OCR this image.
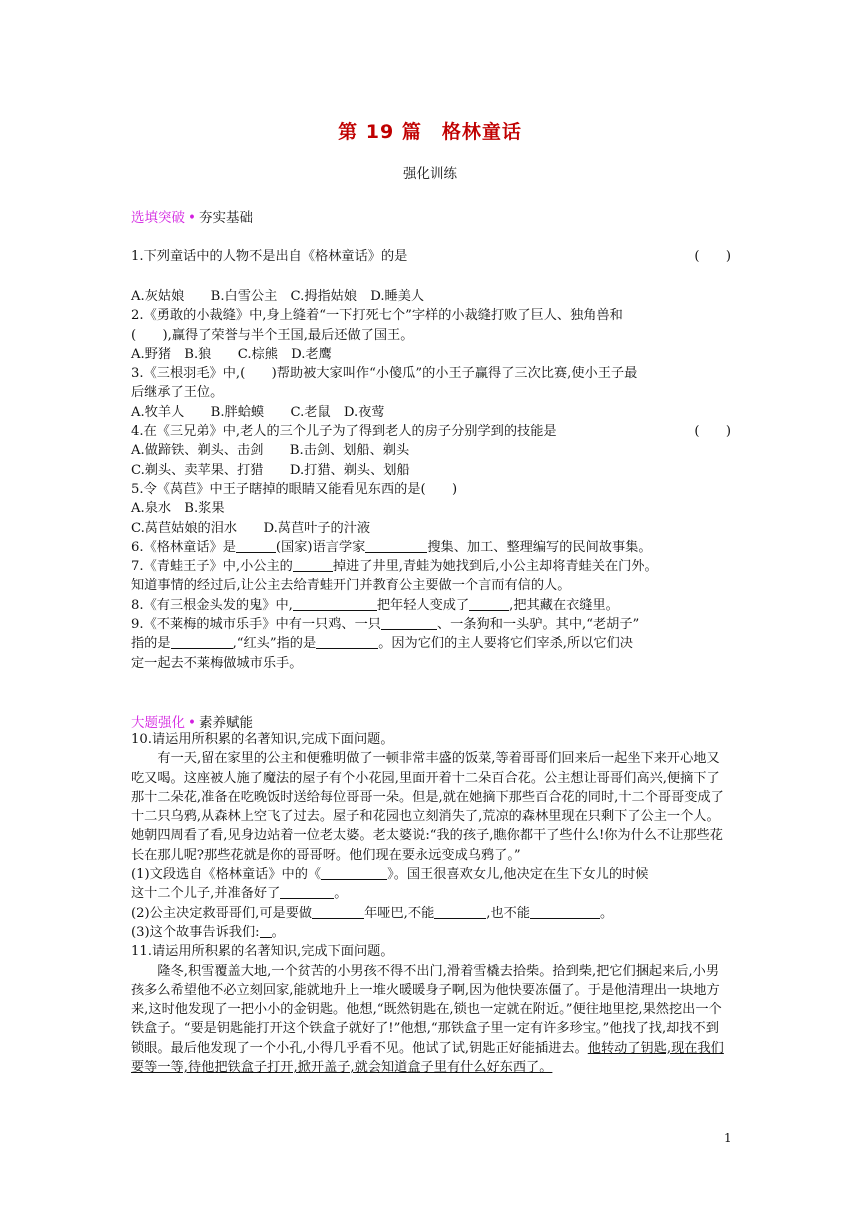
第 19 篇　格林童话
强化训练
选填突破 • 夯实基础

1.下列童话中的人物不是出自《格林童话》的是	(　　)

A.灰姑娘　　B.白雪公主　C.拇指姑娘　D.睡美人

2.《勇敢的小裁缝》中,身上缝着“一下打死七个”字样的小裁缝打败了巨人、独角兽和

(　　),赢得了荣誉与半个王国,最后还做了国王。

A.野猪　B.狼　　C.棕熊　D.老鹰

3.《三根羽毛》中,(　　)帮助被大家叫作“小傻瓜”的小王子赢得了三次比赛,使小王子最

后继承了王位。

A.牧羊人　　B.胖蛤蟆　　C.老鼠　D.夜莺

4.在《三兄弟》中,老人的三个儿子为了得到老人的房子分别学到的技能是	(　　)

A.做蹄铁、剃头、击剑　　B.击剑、划船、剃头

C.剃头、卖苹果、打猎　　D.打猎、剃头、划船

5.令《莴苣》中王子瞎掉的眼睛又能看见东西的是(　　)

A.泉水　B.浆果

C.莴苣姑娘的泪水　　D.莴苣叶子的汁液

6.《格林童话》是	(国家)语言学家	搜集、加工、整理编写的民间故事集。

7.《青蛙王子》中,小公主的	掉进了井里,青蛙为她找到后,小公主却将青蛙关在门外。

知道事情的经过后,让公主去给青蛙开门并教育公主要做一个言而有信的人。

8.《有三根金头发的鬼》中,	把年轻人变成了	,把其藏在衣缝里。

9.《不莱梅的城市乐手》中有一只鸡、一只	、一条狗和一头驴。其中,“老胡子”

指的是	,“红头”指的是	。因为它们的主人要将它们宰杀,所以它们决

定一起去不莱梅做城市乐手。

大题强化 • 素养赋能

10.请运用所积累的名著知识,完成下面问题。

有一天,留在家里的公主和便雅明做了一顿非常丰盛的饭菜,等着哥哥们回来后一起坐下来开心地又吃又喝。这座被人施了魔法的屋子有个小花园,里面开着十二朵百合花。公主想让哥哥们高兴,便摘下了那十二朵花,准备在吃晚饭时送给每位哥哥一朵。但是,就在她摘下那些百合花的同时,十二个哥哥变成了十二只乌鸦,从森林上空飞了过去。屋子和花园也立刻消失了,荒凉的森林里现在只剩下了公主一个人。她朝四周看了看,见身边站着一位老太婆。老太婆说:“我的孩子,瞧你都干了些什么!你为什么不让那些花长在那儿呢?那些花就是你的哥哥呀。他们现在要永远变成乌鸦了。”

(1)文段选自《格林童话》中的《	》。国王很喜欢女儿,他决定在生下女儿的时候

这十二个儿子,并准备好了	。

(2)公主决定救哥哥们,可是要做	年哑巴,不能	,也不能	。

(3)这个故事告诉我们: 。

11.请运用所积累的名著知识,完成下面问题。

隆冬,积雪覆盖大地,一个贫苦的小男孩不得不出门,滑着雪橇去拾柴。拾到柴,把它们捆起来后,小男孩多么希望他不必立刻回家,能就地升上一堆火暖暖身子啊,因为他快要冻僵了。于是他清理出一块地方来,这时他发现了一把小小的金钥匙。他想,“既然钥匙在,锁也一定就在附近。”便往地里挖,果然挖出一个铁盒子。“要是钥匙能打开这个铁盒子就好了!”他想,“那铁盒子里一定有许多珍宝。”他找了找,却找不到锁眼。最后他发现了一个小孔,小得几乎看不见。他试了试,钥匙正好能插进去。他转动了钥匙,现在我们要等一等,待他把铁盒子打开,掀开盖子,就会知道盒子里有什么好东西了。

1
